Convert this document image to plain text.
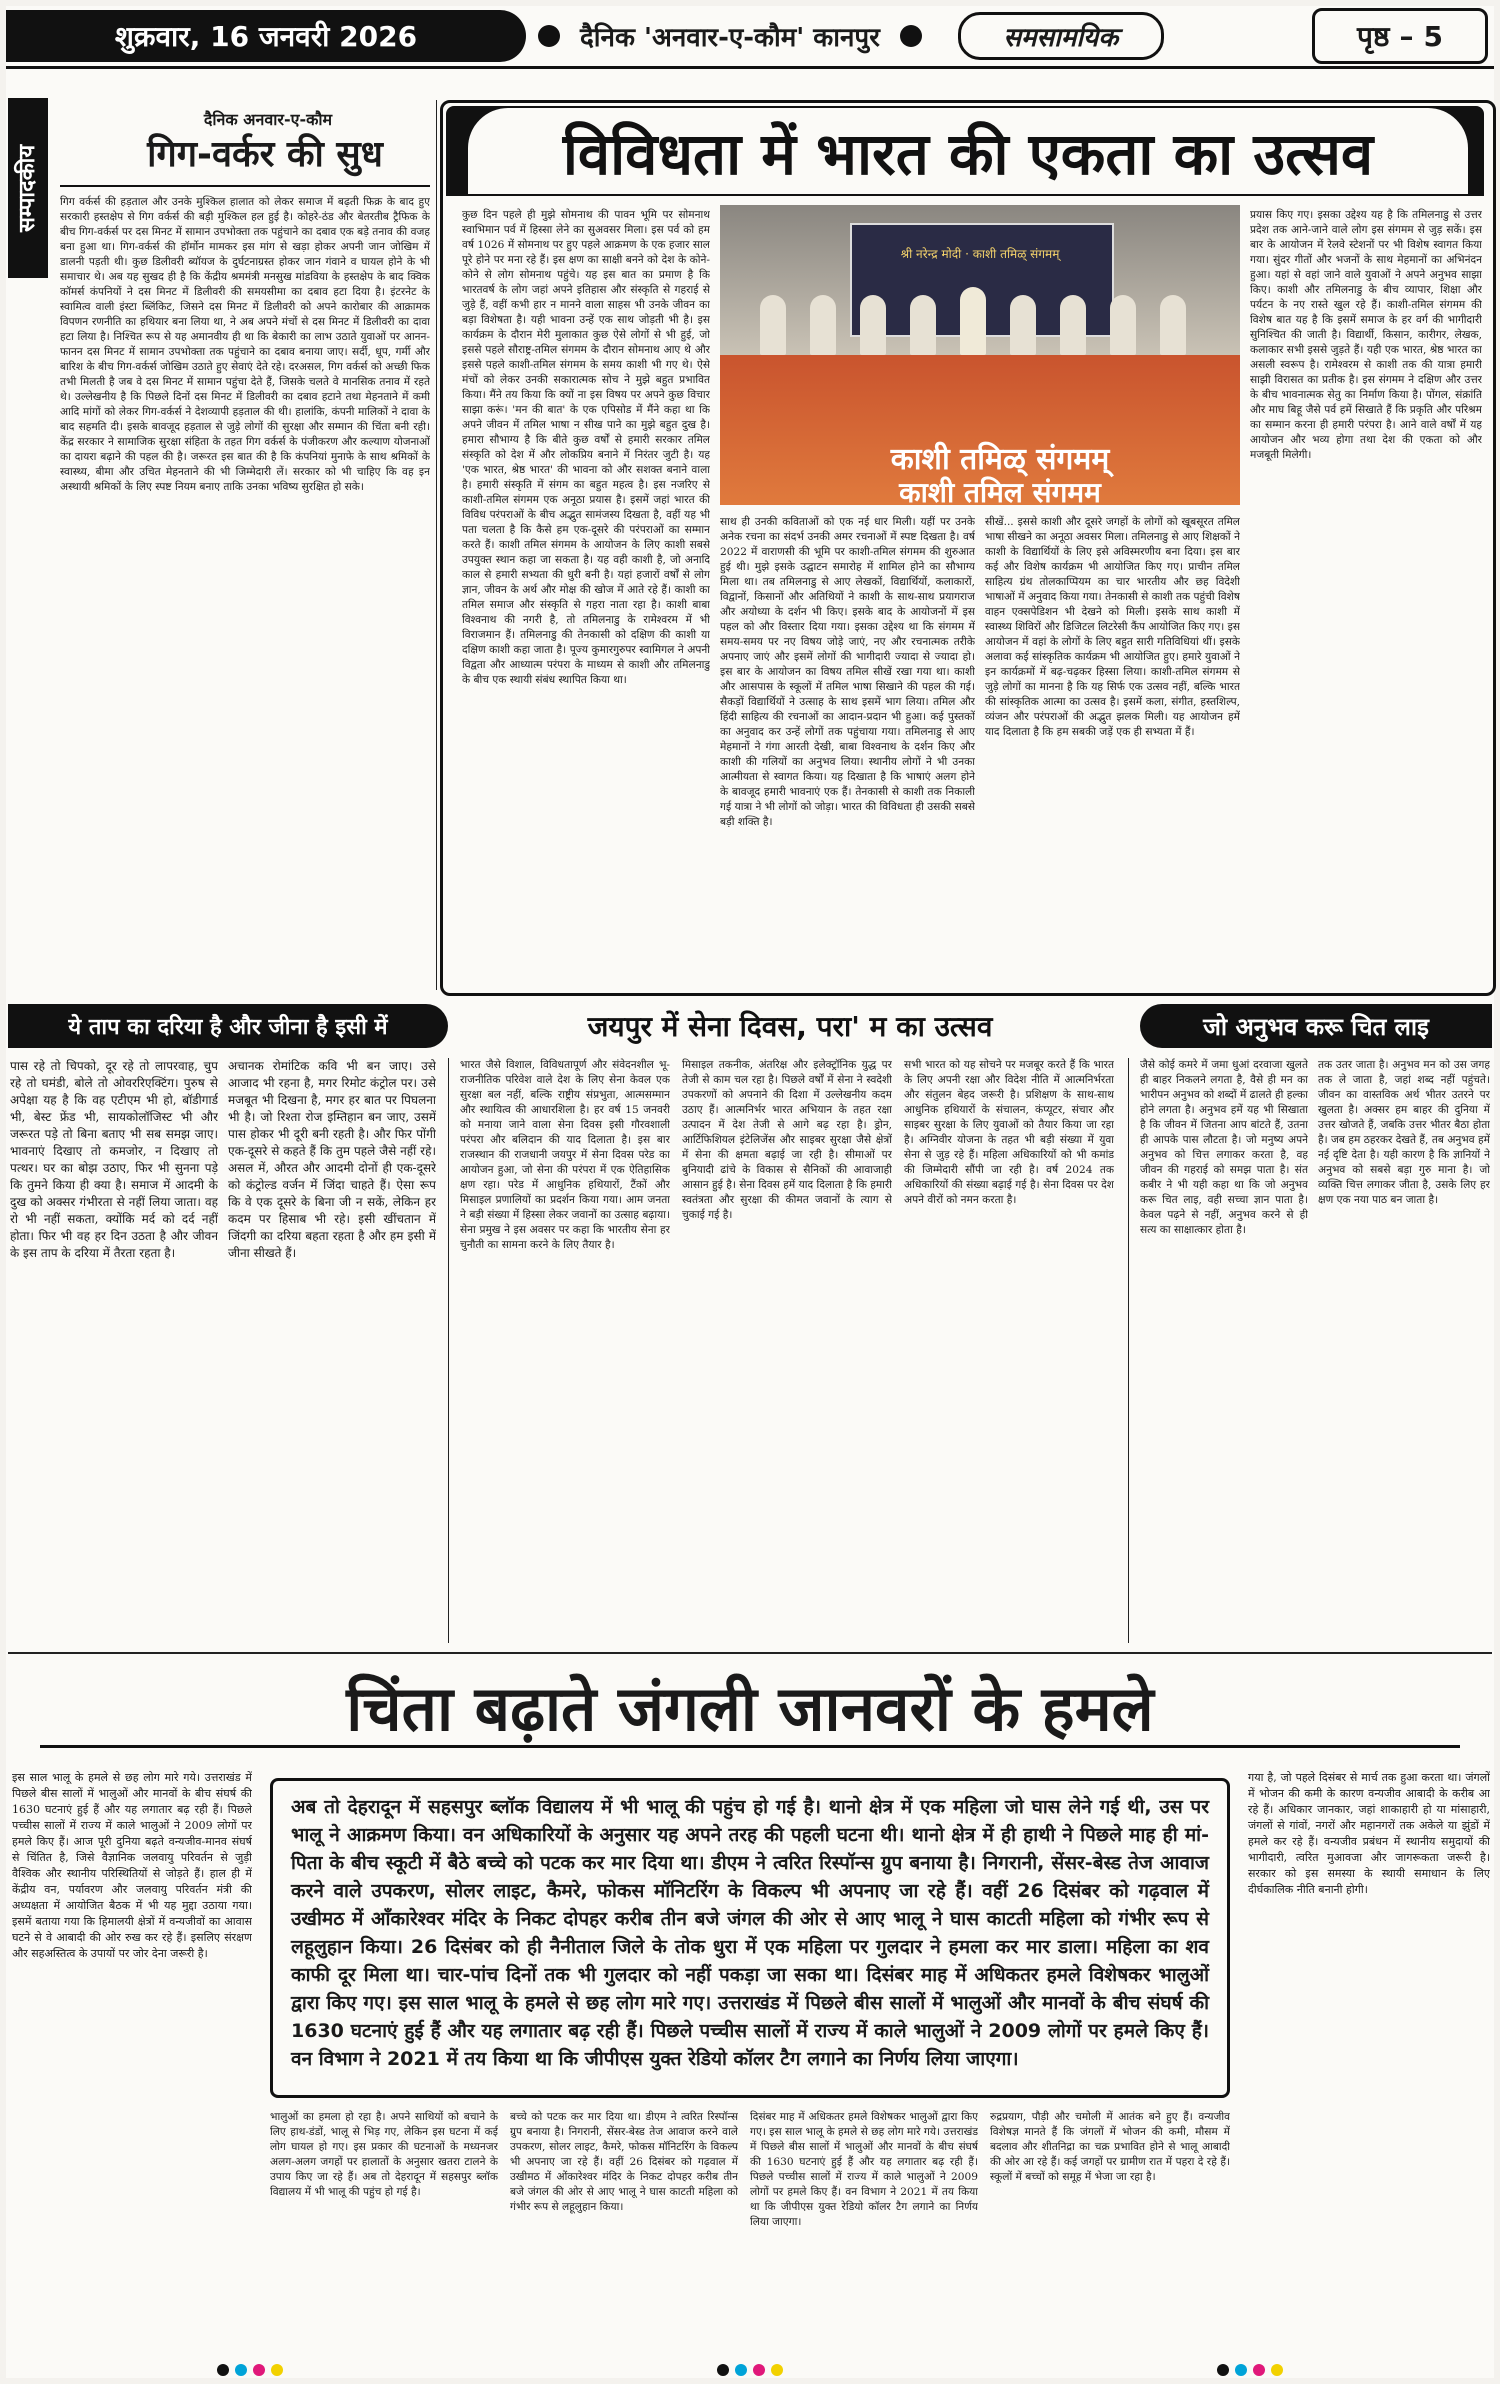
शुक्रवार, 16 जनवरी 2026	दैनिक 'अनवार-ए-कौम' कानपुर	समसामयिक	पृष्ठ – 5
सम्पादकीय
दैनिक अनवार-ए-कौम
गिग-वर्कर की सुध
गिग वर्कर्स की हड़ताल और उनके मुश्किल हालात को लेकर समाज में बढ़ती फिक्र के बाद हुए सरकारी हस्तक्षेप से गिग वर्कर्स की बड़ी मुश्किल हल हुई है। कोहरे-ठंड और बेतरतीब ट्रैफिक के बीच गिग-वर्कर्स पर दस मिनट में सामान उपभोक्ता तक पहुंचाने का दबाव एक बड़े तनाव की वजह बना हुआ था। गिग-वर्कर्स की हॉर्मोन मामकर इस मांग से खड़ा होकर अपनी जान जोखिम में डालनी पड़ती थी। कुछ डिलीवरी ब्यॉयज के दुर्घटनाग्रस्त होकर जान गंवाने व घायल होने के भी समाचार थे। अब यह सुखद ही है कि केंद्रीय श्रममंत्री मनसुख मांडविया के हस्तक्षेप के बाद क्विक कॉमर्स कंपनियों ने दस मिनट में डिलीवरी की समयसीमा का दबाव हटा दिया है। इंटरनेट के स्वामित्व वाली इंस्टा ब्लिंकिट, जिसने दस मिनट में डिलीवरी को अपने कारोबार की आक्रामक विपणन रणनीति का हथियार बना लिया था, ने अब अपने मंचों से दस मिनट में डिलीवरी का दावा हटा लिया है। निश्चित रूप से यह अमानवीय ही था कि बेकारी का लाभ उठाते युवाओं पर आनन-फानन दस मिनट में सामान उपभोक्ता तक पहुंचाने का दबाव बनाया जाए। सर्दी, धूप, गर्मी और बारिश के बीच गिग-वर्कर्स जोखिम उठाते हुए सेवाएं देते रहे। दरअसल, गिग वर्कर्स को अच्छी फिक तभी मिलती है जब वे दस मिनट में सामान पहुंचा देते हैं, जिसके चलते वे मानसिक तनाव में रहते थे। उल्लेखनीय है कि पिछले दिनों दस मिनट में डिलीवरी का दबाव हटाने तथा मेहनताने में कमी आदि मांगों को लेकर गिग-वर्कर्स ने देशव्यापी हड़ताल की थी। हालांकि, कंपनी मालिकों ने दावा के बाद सहमति दी। इसके बावजूद हड़ताल से जुड़े लोगों की सुरक्षा और सम्मान की चिंता बनी रही। केंद्र सरकार ने सामाजिक सुरक्षा संहिता के तहत गिग वर्कर्स के पंजीकरण और कल्याण योजनाओं का दायरा बढ़ाने की पहल की है। जरूरत इस बात की है कि कंपनियां मुनाफे के साथ श्रमिकों के स्वास्थ्य, बीमा और उचित मेहनताने की भी जिम्मेदारी लें। सरकार को भी चाहिए कि वह इन अस्थायी श्रमिकों के लिए स्पष्ट नियम बनाए ताकि उनका भविष्य सुरक्षित हो सके।
विविधता में भारत की एकता का उत्सव
कुछ दिन पहले ही मुझे सोमनाथ की पावन भूमि पर सोमनाथ स्वाभिमान पर्व में हिस्सा लेने का सुअवसर मिला। इस पर्व को हम वर्ष 1026 में सोमनाथ पर हुए पहले आक्रमण के एक हजार साल पूरे होने पर मना रहे हैं। इस क्षण का साक्षी बनने को देश के कोने-कोने से लोग सोमनाथ पहुंचे। यह इस बात का प्रमाण है कि भारतवर्ष के लोग जहां अपने इतिहास और संस्कृति से गहराई से जुड़े हैं, वहीं कभी हार न मानने वाला साहस भी उनके जीवन का बड़ा विशेषता है। यही भावना उन्हें एक साथ जोड़ती भी है। इस कार्यक्रम के दौरान मेरी मुलाकात कुछ ऐसे लोगों से भी हुई, जो इससे पहले सौराष्ट्र-तमिल संगमम के दौरान सोमनाथ आए थे और इससे पहले काशी-तमिल संगमम के समय काशी भी गए थे। ऐसे मंचों को लेकर उनकी सकारात्मक सोच ने मुझे बहुत प्रभावित किया। मैंने तय किया कि क्यों ना इस विषय पर अपने कुछ विचार साझा करूं। 'मन की बात' के एक एपिसोड में मैंने कहा था कि अपने जीवन में तमिल भाषा न सीख पाने का मुझे बहुत दुख है। हमारा सौभाग्य है कि बीते कुछ वर्षों से हमारी सरकार तमिल संस्कृति को देश में और लोकप्रिय बनाने में निरंतर जुटी है। यह 'एक भारत, श्रेष्ठ भारत' की भावना को और सशक्त बनाने वाला है। हमारी संस्कृति में संगम का बहुत महत्व है। इस नजरिए से काशी-तमिल संगमम एक अनूठा प्रयास है। इसमें जहां भारत की विविध परंपराओं के बीच अद्भुत सामंजस्य दिखता है, वहीं यह भी पता चलता है कि कैसे हम एक-दूसरे की परंपराओं का सम्मान करते हैं। काशी तमिल संगमम के आयोजन के लिए काशी सबसे उपयुक्त स्थान कहा जा सकता है। यह वही काशी है, जो अनादि काल से हमारी सभ्यता की धुरी बनी है। यहां हजारों वर्षों से लोग ज्ञान, जीवन के अर्थ और मोक्ष की खोज में आते रहे हैं। काशी का तमिल समाज और संस्कृति से गहरा नाता रहा है। काशी बाबा विश्वनाथ की नगरी है, तो तमिलनाडु के रामेश्वरम में भी विराजमान हैं। तमिलनाडु की तेनकासी को दक्षिण की काशी या दक्षिण काशी कहा जाता है। पूज्य कुमारगुरुपर स्वामिगल ने अपनी विद्वता और आध्यात्म परंपरा के माध्यम से काशी और तमिलनाडु के बीच एक स्थायी संबंध स्थापित किया था।
श्री नरेन्द्र मोदी · काशी तमिळ् संगमम्
काशी तमिळ् संगमम्
काशी तमिल संगमम
प्रयास किए गए। इसका उद्देश्य यह है कि तमिलनाडु से उत्तर प्रदेश तक आने-जाने वाले लोग इस संगमम से जुड़ सकें। इस बार के आयोजन में रेलवे स्टेशनों पर भी विशेष स्वागत किया गया। सुंदर गीतों और भजनों के साथ मेहमानों का अभिनंदन हुआ। यहां से वहां जाने वाले युवाओं ने अपने अनुभव साझा किए। काशी और तमिलनाडु के बीच व्यापार, शिक्षा और पर्यटन के नए रास्ते खुल रहे हैं। काशी-तमिल संगमम की विशेष बात यह है कि इसमें समाज के हर वर्ग की भागीदारी सुनिश्चित की जाती है। विद्यार्थी, किसान, कारीगर, लेखक, कलाकार सभी इससे जुड़ते हैं। यही एक भारत, श्रेष्ठ भारत का असली स्वरूप है। रामेश्वरम से काशी तक की यात्रा हमारी साझी विरासत का प्रतीक है। इस संगमम ने दक्षिण और उत्तर के बीच भावनात्मक सेतु का निर्माण किया है। पोंगल, संक्रांति और माघ बिहू जैसे पर्व हमें सिखाते हैं कि प्रकृति और परिश्रम का सम्मान करना ही हमारी परंपरा है। आने वाले वर्षों में यह आयोजन और भव्य होगा तथा देश की एकता को और मजबूती मिलेगी।
साथ ही उनकी कविताओं को एक नई धार मिली। यहीं पर उनके अनेक रचना का संदर्भ उनकी अमर रचनाओं में स्पष्ट दिखता है। वर्ष 2022 में वाराणसी की भूमि पर काशी-तमिल संगमम की शुरुआत हुई थी। मुझे इसके उद्घाटन समारोह में शामिल होने का सौभाग्य मिला था। तब तमिलनाडु से आए लेखकों, विद्यार्थियों, कलाकारों, विद्वानों, किसानों और अतिथियों ने काशी के साथ-साथ प्रयागराज और अयोध्या के दर्शन भी किए। इसके बाद के आयोजनों में इस पहल को और विस्तार दिया गया। इसका उद्देश्य था कि संगमम में समय-समय पर नए विषय जोड़े जाएं, नए और रचनात्मक तरीके अपनाए जाएं और इसमें लोगों की भागीदारी ज्यादा से ज्यादा हो। इस बार के आयोजन का विषय तमिल सीखें रखा गया था। काशी और आसपास के स्कूलों में तमिल भाषा सिखाने की पहल की गई। सैकड़ों विद्यार्थियों ने उत्साह के साथ इसमें भाग लिया। तमिल और हिंदी साहित्य की रचनाओं का आदान-प्रदान भी हुआ। कई पुस्तकों का अनुवाद कर उन्हें लोगों तक पहुंचाया गया। तमिलनाडु से आए मेहमानों ने गंगा आरती देखी, बाबा विश्वनाथ के दर्शन किए और काशी की गलियों का अनुभव लिया। स्थानीय लोगों ने भी उनका आत्मीयता से स्वागत किया। यह दिखाता है कि भाषाएं अलग होने के बावजूद हमारी भावनाएं एक हैं। तेनकासी से काशी तक निकाली गई यात्रा ने भी लोगों को जोड़ा। भारत की विविधता ही उसकी सबसे बड़ी शक्ति है।
सीखें... इससे काशी और दूसरे जगहों के लोगों को खूबसूरत तमिल भाषा सीखने का अनूठा अवसर मिला। तमिलनाडु से आए शिक्षकों ने काशी के विद्यार्थियों के लिए इसे अविस्मरणीय बना दिया। इस बार कई और विशेष कार्यक्रम भी आयोजित किए गए। प्राचीन तमिल साहित्य ग्रंथ तोलकाप्पियम का चार भारतीय और छह विदेशी भाषाओं में अनुवाद किया गया। तेनकासी से काशी तक पहुंची विशेष वाहन एक्सपेडिशन भी देखने को मिली। इसके साथ काशी में स्वास्थ्य शिविरों और डिजिटल लिटरेसी कैंप आयोजित किए गए। इस आयोजन में वहां के लोगों के लिए बहुत सारी गतिविधियां थीं। इसके अलावा कई सांस्कृतिक कार्यक्रम भी आयोजित हुए। हमारे युवाओं ने इन कार्यक्रमों में बढ़-चढ़कर हिस्सा लिया। काशी-तमिल संगमम से जुड़े लोगों का मानना है कि यह सिर्फ एक उत्सव नहीं, बल्कि भारत की सांस्कृतिक आत्मा का उत्सव है। इसमें कला, संगीत, हस्तशिल्प, व्यंजन और परंपराओं की अद्भुत झलक मिली। यह आयोजन हमें याद दिलाता है कि हम सबकी जड़ें एक ही सभ्यता में हैं।
ये ताप का दरिया है और जीना है इसी में	जयपुर में सेना दिवस, परा' म का उत्सव	जो अनुभव करू चित लाइ
पास रहे तो चिपको, दूर रहे तो लापरवाह, चुप रहे तो घमंडी, बोले तो ओवररिएक्टिंग। पुरुष से अपेक्षा यह है कि वह एटीएम भी हो, बॉडीगार्ड भी, बेस्ट फ्रेंड भी, सायकोलॉजिस्ट भी और जरूरत पड़े तो बिना बताए भी सब समझ जाए। भावनाएं दिखाए तो कमजोर, न दिखाए तो पत्थर। घर का बोझ उठाए, फिर भी सुनना पड़े कि तुमने किया ही क्या है। समाज में आदमी के दुख को अक्सर गंभीरता से नहीं लिया जाता। वह रो भी नहीं सकता, क्योंकि मर्द को दर्द नहीं होता। फिर भी वह हर दिन उठता है और जीवन के इस ताप के दरिया में तैरता रहता है।
अचानक रोमांटिक कवि भी बन जाए। उसे आजाद भी रहना है, मगर रिमोट कंट्रोल पर। उसे मजबूत भी दिखना है, मगर हर बात पर पिघलना भी है। जो रिश्ता रोज इम्तिहान बन जाए, उसमें पास होकर भी दूरी बनी रहती है। और फिर पोंगी एक-दूसरे से कहते हैं कि तुम पहले जैसे नहीं रहे। असल में, औरत और आदमी दोनों ही एक-दूसरे को कंट्रोल्ड वर्जन में जिंदा चाहते हैं। ऐसा रूप कि वे एक दूसरे के बिना जी न सकें, लेकिन हर कदम पर हिसाब भी रहे। इसी खींचतान में जिंदगी का दरिया बहता रहता है और हम इसी में जीना सीखते हैं।
भारत जैसे विशाल, विविधतापूर्ण और संवेदनशील भू-राजनीतिक परिवेश वाले देश के लिए सेना केवल एक सुरक्षा बल नहीं, बल्कि राष्ट्रीय संप्रभुता, आत्मसम्मान और स्थायित्व की आधारशिला है। हर वर्ष 15 जनवरी को मनाया जाने वाला सेना दिवस इसी गौरवशाली परंपरा और बलिदान की याद दिलाता है। इस बार राजस्थान की राजधानी जयपुर में सेना दिवस परेड का आयोजन हुआ, जो सेना की परंपरा में एक ऐतिहासिक क्षण रहा। परेड में आधुनिक हथियारों, टैंकों और मिसाइल प्रणालियों का प्रदर्शन किया गया। आम जनता ने बड़ी संख्या में हिस्सा लेकर जवानों का उत्साह बढ़ाया। सेना प्रमुख ने इस अवसर पर कहा कि भारतीय सेना हर चुनौती का सामना करने के लिए तैयार है।
मिसाइल तकनीक, अंतरिक्ष और इलेक्ट्रॉनिक युद्ध पर तेजी से काम चल रहा है। पिछले वर्षों में सेना ने स्वदेशी उपकरणों को अपनाने की दिशा में उल्लेखनीय कदम उठाए हैं। आत्मनिर्भर भारत अभियान के तहत रक्षा उत्पादन में देश तेजी से आगे बढ़ रहा है। ड्रोन, आर्टिफिशियल इंटेलिजेंस और साइबर सुरक्षा जैसे क्षेत्रों में सेना की क्षमता बढ़ाई जा रही है। सीमाओं पर बुनियादी ढांचे के विकास से सैनिकों की आवाजाही आसान हुई है। सेना दिवस हमें याद दिलाता है कि हमारी स्वतंत्रता और सुरक्षा की कीमत जवानों के त्याग से चुकाई गई है।
सभी भारत को यह सोचने पर मजबूर करते हैं कि भारत के लिए अपनी रक्षा और विदेश नीति में आत्मनिर्भरता और संतुलन बेहद जरूरी है। प्रशिक्षण के साथ-साथ आधुनिक हथियारों के संचालन, कंप्यूटर, संचार और साइबर सुरक्षा के लिए युवाओं को तैयार किया जा रहा है। अग्निवीर योजना के तहत भी बड़ी संख्या में युवा सेना से जुड़ रहे हैं। महिला अधिकारियों को भी कमांड की जिम्मेदारी सौंपी जा रही है। वर्ष 2024 तक अधिकारियों की संख्या बढ़ाई गई है। सेना दिवस पर देश अपने वीरों को नमन करता है।
जैसे कोई कमरे में जमा धुआं दरवाजा खुलते ही बाहर निकलने लगता है, वैसे ही मन का भारीपन अनुभव को शब्दों में ढालते ही हल्का होने लगता है। अनुभव हमें यह भी सिखाता है कि जीवन में जितना आप बांटते हैं, उतना ही आपके पास लौटता है। जो मनुष्य अपने अनुभव को चित्त लगाकर करता है, वह जीवन की गहराई को समझ पाता है। संत कबीर ने भी यही कहा था कि जो अनुभव करू चित लाइ, वही सच्चा ज्ञान पाता है। केवल पढ़ने से नहीं, अनुभव करने से ही सत्य का साक्षात्कार होता है।
तक उतर जाता है। अनुभव मन को उस जगह तक ले जाता है, जहां शब्द नहीं पहुंचते। जीवन का वास्तविक अर्थ भीतर उतरने पर खुलता है। अक्सर हम बाहर की दुनिया में उत्तर खोजते हैं, जबकि उत्तर भीतर बैठा होता है। जब हम ठहरकर देखते हैं, तब अनुभव हमें नई दृष्टि देता है। यही कारण है कि ज्ञानियों ने अनुभव को सबसे बड़ा गुरु माना है। जो व्यक्ति चित्त लगाकर जीता है, उसके लिए हर क्षण एक नया पाठ बन जाता है।
चिंता बढ़ाते जंगली जानवरों के हमले
अब तो देहरादून में सहसपुर ब्लॉक विद्यालय में भी भालू की पहुंच हो गई है। थानो क्षेत्र में एक महिला जो घास लेने गई थी, उस पर भालू ने आक्रमण किया। वन अधिकारियों के अनुसार यह अपने तरह की पहली घटना थी। थानो क्षेत्र में ही हाथी ने पिछले माह ही मां-पिता के बीच स्कूटी में बैठे बच्चे को पटक कर मार दिया था। डीएम ने त्वरित रिस्पॉन्स ग्रुप बनाया है। निगरानी, सेंसर-बेस्ड तेज आवाज करने वाले उपकरण, सोलर लाइट, कैमरे, फोकस मॉनिटरिंग के विकल्प भी अपनाए जा रहे हैं। वहीं 26 दिसंबर को गढ़वाल में उखीमठ में ऑंकारेश्वर मंदिर के निकट दोपहर करीब तीन बजे जंगल की ओर से आए भालू ने घास काटती महिला को गंभीर रूप से लहूलुहान किया। 26 दिसंबर को ही नैनीताल जिले के तोक धुरा में एक महिला पर गुलदार ने हमला कर मार डाला। महिला का शव काफी दूर मिला था। चार-पांच दिनों तक भी गुलदार को नहीं पकड़ा जा सका था। दिसंबर माह में अधिकतर हमले विशेषकर भालुओं द्वारा किए गए। इस साल भालू के हमले से छह लोग मारे गए। उत्तराखंड में पिछले बीस सालों में भालुओं और मानवों के बीच संघर्ष की 1630 घटनाएं हुई हैं और यह लगातार बढ़ रही हैं। पिछले पच्चीस सालों में राज्य में काले भालुओं ने 2009 लोगों पर हमले किए हैं। वन विभाग ने 2021 में तय किया था कि जीपीएस युक्त रेडियो कॉलर टैग लगाने का निर्णय लिया जाएगा।
इस साल भालू के हमले से छह लोग मारे गये। उत्तराखंड में पिछले बीस सालों में भालुओं और मानवों के बीच संघर्ष की 1630 घटनाएं हुई हैं और यह लगातार बढ़ रही हैं। पिछले पच्चीस सालों में राज्य में काले भालुओं ने 2009 लोगों पर हमले किए हैं। आज पूरी दुनिया बढ़ते वन्यजीव-मानव संघर्ष से चिंतित है, जिसे वैज्ञानिक जलवायु परिवर्तन से जुड़ी वैश्विक और स्थानीय परिस्थितियों से जोड़ते हैं। हाल ही में केंद्रीय वन, पर्यावरण और जलवायु परिवर्तन मंत्री की अध्यक्षता में आयोजित बैठक में भी यह मुद्दा उठाया गया। इसमें बताया गया कि हिमालयी क्षेत्रों में वन्यजीवों का आवास घटने से वे आबादी की ओर रुख कर रहे हैं। इसलिए संरक्षण और सहअस्तित्व के उपायों पर जोर देना जरूरी है।
गया है, जो पहले दिसंबर से मार्च तक हुआ करता था। जंगलों में भोजन की कमी के कारण वन्यजीव आबादी के करीब आ रहे हैं। अधिकार जानकार, जहां शाकाहारी हो या मांसाहारी, जंगलों से गांवों, नगरों और महानगरों तक अकेले या झुंडों में हमले कर रहे हैं। वन्यजीव प्रबंधन में स्थानीय समुदायों की भागीदारी, त्वरित मुआवजा और जागरूकता जरूरी है। सरकार को इस समस्या के स्थायी समाधान के लिए दीर्घकालिक नीति बनानी होगी।
भालुओं का हमला हो रहा है। अपने साथियों को बचाने के लिए हाथ-डंडों, भालू से भिड़ गए, लेकिन इस घटना में कई लोग घायल हो गए। इस प्रकार की घटनाओं के मध्यनजर अलग-अलग जगहों पर हालातों के अनुसार खतरा टालने के उपाय किए जा रहे हैं। अब तो देहरादून में सहसपुर ब्लॉक विद्यालय में भी भालू की पहुंच हो गई है।
बच्चे को पटक कर मार दिया था। डीएम ने त्वरित रिस्पॉन्स ग्रुप बनाया है। निगरानी, सेंसर-बेस्ड तेज आवाज करने वाले उपकरण, सोलर लाइट, कैमरे, फोकस मॉनिटरिंग के विकल्प भी अपनाए जा रहे हैं। वहीं 26 दिसंबर को गढ़वाल में उखीमठ में ओंकारेश्वर मंदिर के निकट दोपहर करीब तीन बजे जंगल की ओर से आए भालू ने घास काटती महिला को गंभीर रूप से लहूलुहान किया।
दिसंबर माह में अधिकतर हमले विशेषकर भालुओं द्वारा किए गए। इस साल भालू के हमले से छह लोग मारे गये। उत्तराखंड में पिछले बीस सालों में भालुओं और मानवों के बीच संघर्ष की 1630 घटनाएं हुई हैं और यह लगातार बढ़ रही हैं। पिछले पच्चीस सालों में राज्य में काले भालुओं ने 2009 लोगों पर हमले किए हैं। वन विभाग ने 2021 में तय किया था कि जीपीएस युक्त रेडियो कॉलर टैग लगाने का निर्णय लिया जाएगा।
रुद्रप्रयाग, पौड़ी और चमोली में आतंक बने हुए हैं। वन्यजीव विशेषज्ञ मानते हैं कि जंगलों में भोजन की कमी, मौसम में बदलाव और शीतनिद्रा का चक्र प्रभावित होने से भालू आबादी की ओर आ रहे हैं। कई जगहों पर ग्रामीण रात में पहरा दे रहे हैं। स्कूलों में बच्चों को समूह में भेजा जा रहा है।
